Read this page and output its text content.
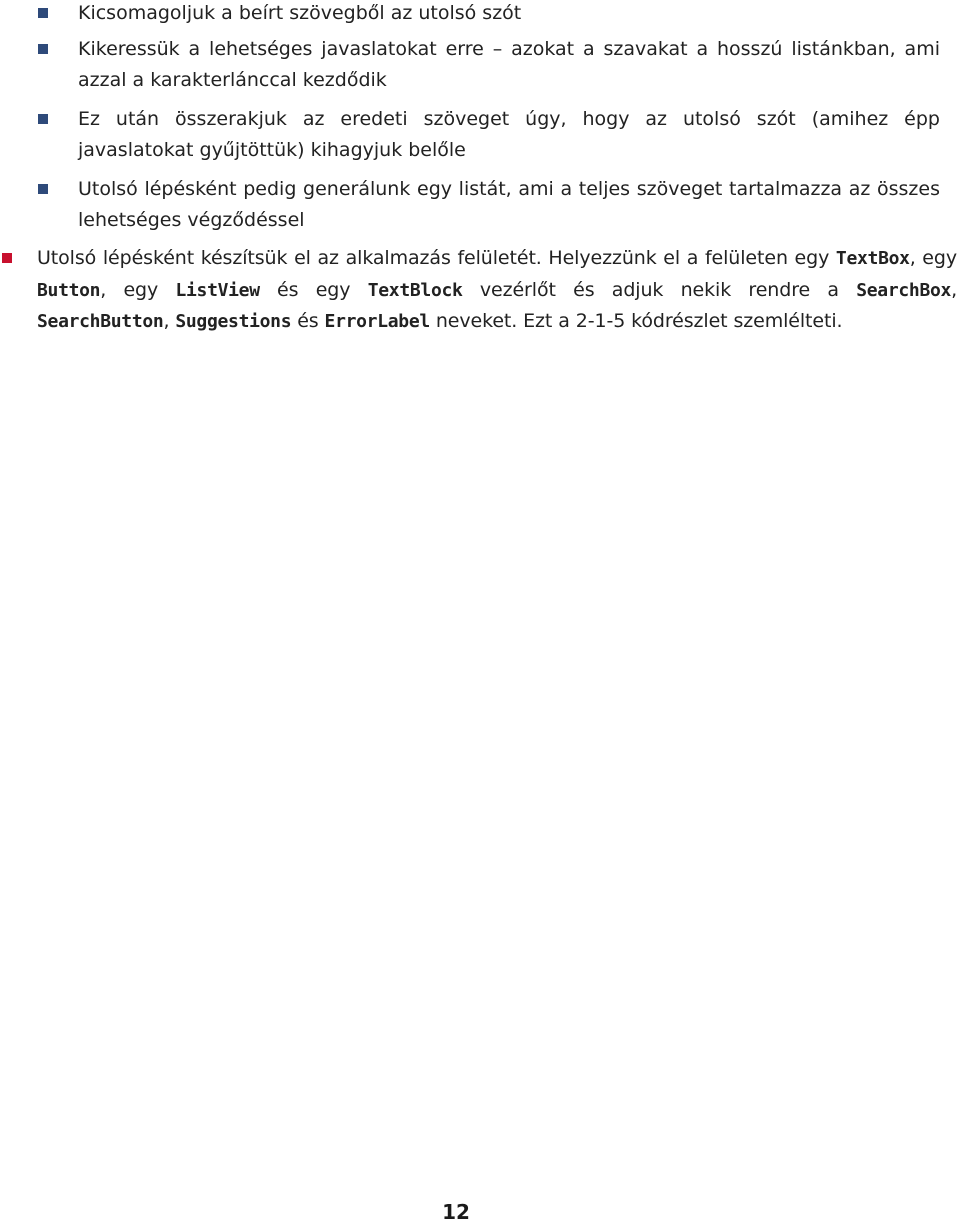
Kicsomagoljuk a beírt szövegből az utolsó szót
Kikeressük a lehetséges javaslatokat erre – azokat a szavakat a hosszú listánkban, ami azzal a karakterlánccal kezdődik
Ez után összerakjuk az eredeti szöveget úgy, hogy az utolsó szót (amihez épp javaslatokat gyűjtöttük) kihagyjuk belőle
Utolsó lépésként pedig generálunk egy listát, ami a teljes szöveget tartalmazza az összes lehetséges végződéssel
Utolsó lépésként készítsük el az alkalmazás felületét. Helyezzünk el a felületen egy TextBox, egy Button, egy ListView és egy TextBlock vezérlőt és adjuk nekik rendre a SearchBox, SearchButton, Suggestions és ErrorLabel neveket. Ezt a 2-1-5 kódrészlet szemlélteti.
12
